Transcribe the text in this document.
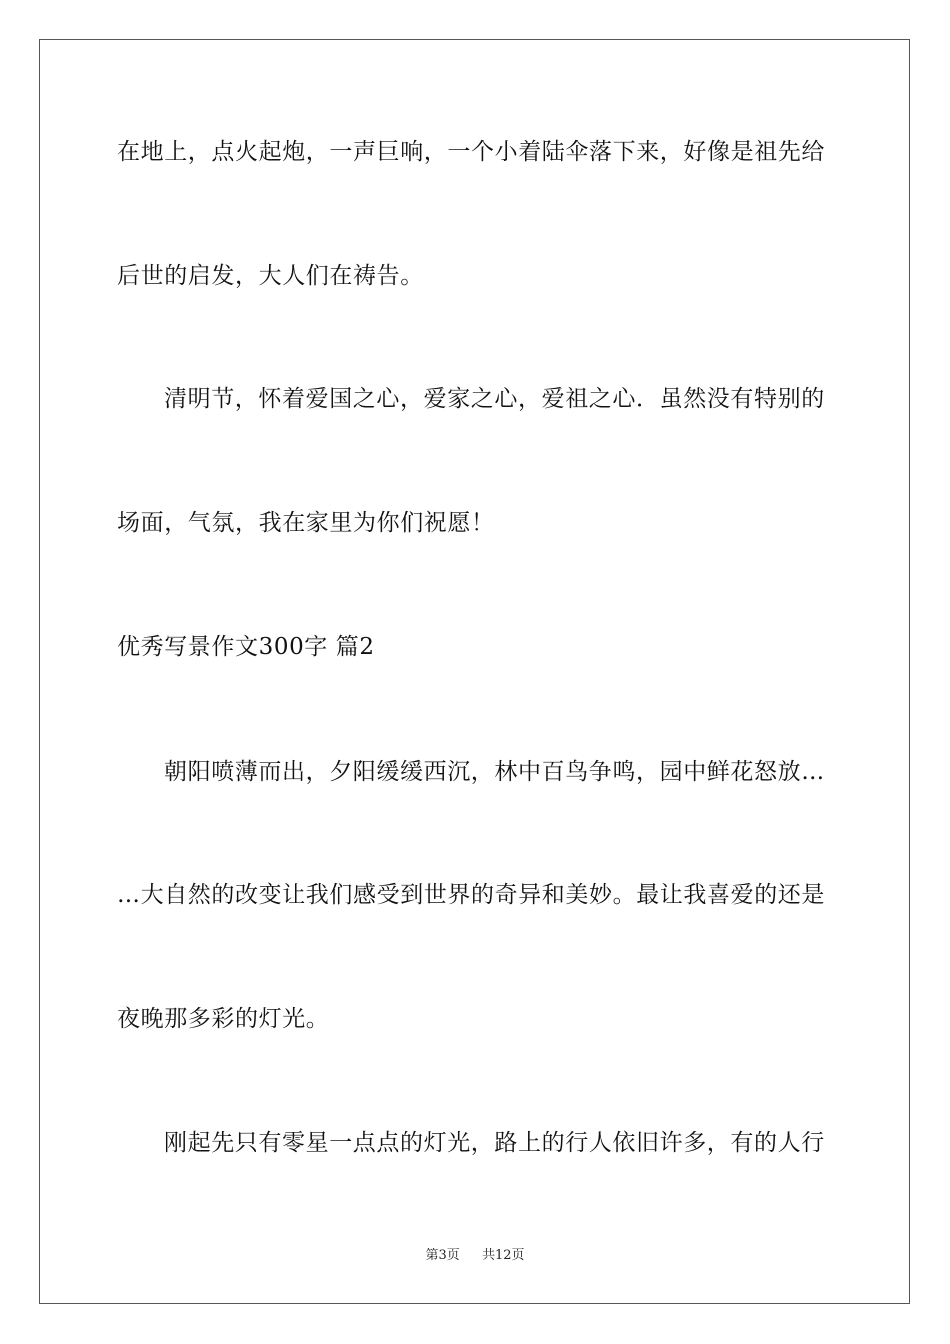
在地上，点火起炮，一声巨响，一个小着陆伞落下来，好像是祖先给
后世的启发，大人们在祷告。
清明节，怀着爱国之心，爱家之心，爱祖之心．虽然没有特别的
场面，气氛，我在家里为你们祝愿！
优秀写景作文300字 篇2
朝阳喷薄而出，夕阳缓缓西沉，林中百鸟争鸣，园中鲜花怒放…
…大自然的改变让我们感受到世界的奇异和美妙。最让我喜爱的还是
夜晚那多彩的灯光。
刚起先只有零星一点点的灯光，路上的行人依旧许多，有的人行
第3页 共12页
